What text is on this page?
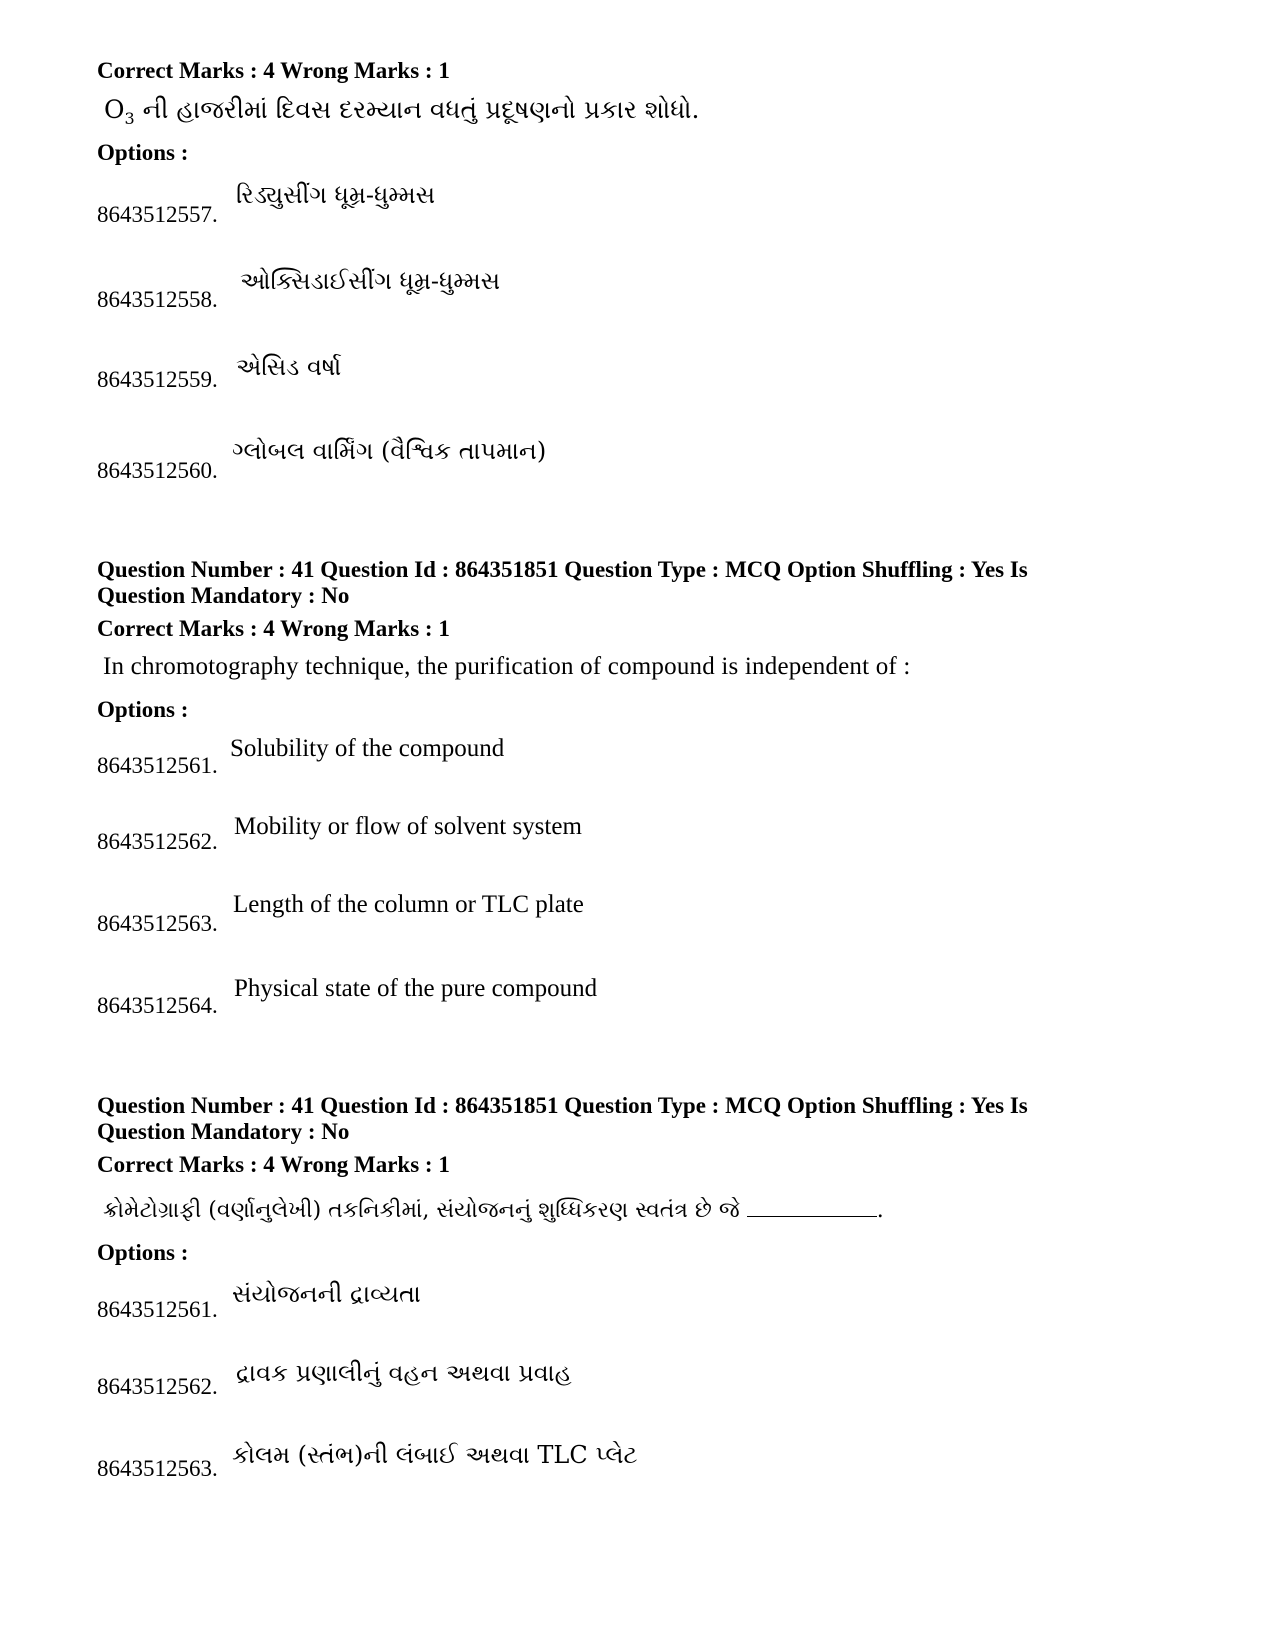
Correct Marks : 4 Wrong Marks : 1
$O_3$ ની હાજરીમાં દિવસ દરમ્યાન વધતું પ્રદૂષણનો પ્રકાર શોધો.
Options :
8643512557.
રિડ્યુસીંગ ધૂમ્ર-ધુમ્મસ
8643512558.
ઓક્સિડાઈસીંગ ધૂમ્ર-ધુમ્મસ
8643512559. એસિડ વર્ષા
8643512560.
ગ્લોબલ વાર્મિંગ (વૈશ્વિક તાપમાન)
Question Number : 41 Question Id : 864351851 Question Type : MCQ Option Shuffling : Yes Is
Question Mandatory : No
Correct Marks : 4 Wrong Marks : 1
In chromotography technique, the purification of compound is independent of :
Options :
8643512561.
Solubility of the compound
8643512562.
Mobility or flow of solvent system
8643512563.
Length of the column or TLC plate
8643512564.
Physical state of the pure compound
Question Number : 41 Question Id : 864351851 Question Type : MCQ Option Shuffling : Yes Is
Question Mandatory : No
Correct Marks : 4 Wrong Marks : 1
ક્રોમેટોગ્રાફી (વર્ણાનુલેખી) તકનિકીમાં, સંયોજનનું શુધ્ધિકરણ સ્વતંત્ર છે જે	.
Options :
8643512561.
સંયોજનની દ્રાવ્યતા
8643512562. દ્રાવક પ્રણાલીનું વહન અથવા પ્રવાહ
8643512563. કોલમ (સ્તંભ)ની લંબાઈ અથવા TLC પ્લેટ
